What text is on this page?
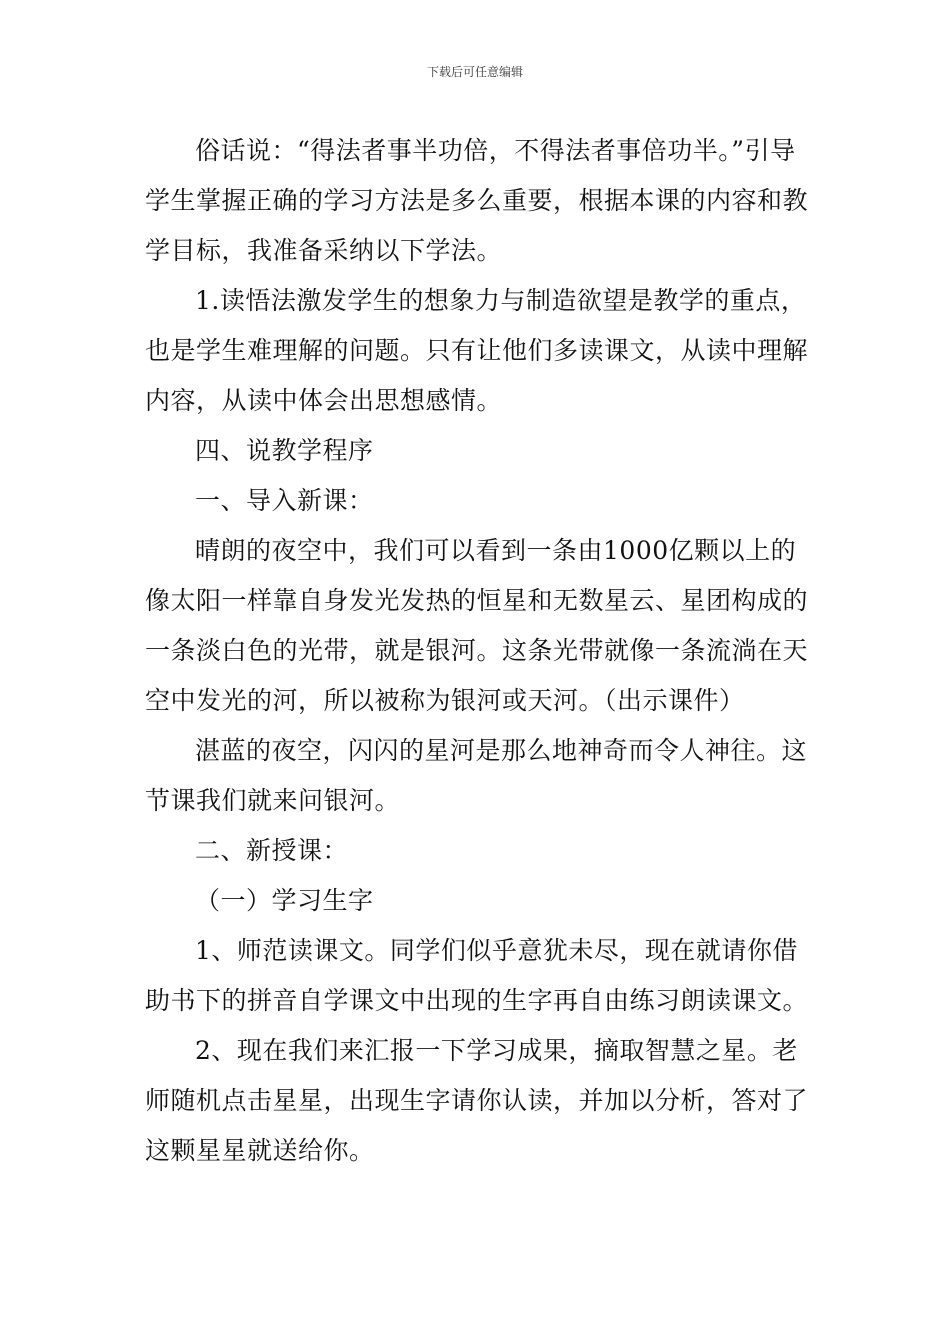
下载后可任意编辑

俗话说：“得法者事半功倍，不得法者事倍功半。”引导学生掌握正确的学习方法是多么重要，根据本课的内容和教学目标，我准备采纳以下学法。

1.读悟法激发学生的想象力与制造欲望是教学的重点，也是学生难理解的问题。只有让他们多读课文，从读中理解内容，从读中体会出思想感情。

四、说教学程序

一、导入新课：

晴朗的夜空中，我们可以看到一条由1000亿颗以上的像太阳一样靠自身发光发热的恒星和无数星云、星团构成的一条淡白色的光带，就是银河。这条光带就像一条流淌在天空中发光的河，所以被称为银河或天河。（出示课件）

湛蓝的夜空，闪闪的星河是那么地神奇而令人神往。这节课我们就来问银河。

二、新授课：

（一）学习生字

1、师范读课文。同学们似乎意犹未尽，现在就请你借助书下的拼音自学课文中出现的生字再自由练习朗读课文。

2、现在我们来汇报一下学习成果，摘取智慧之星。老师随机点击星星，出现生字请你认读，并加以分析，答对了这颗星星就送给你。
